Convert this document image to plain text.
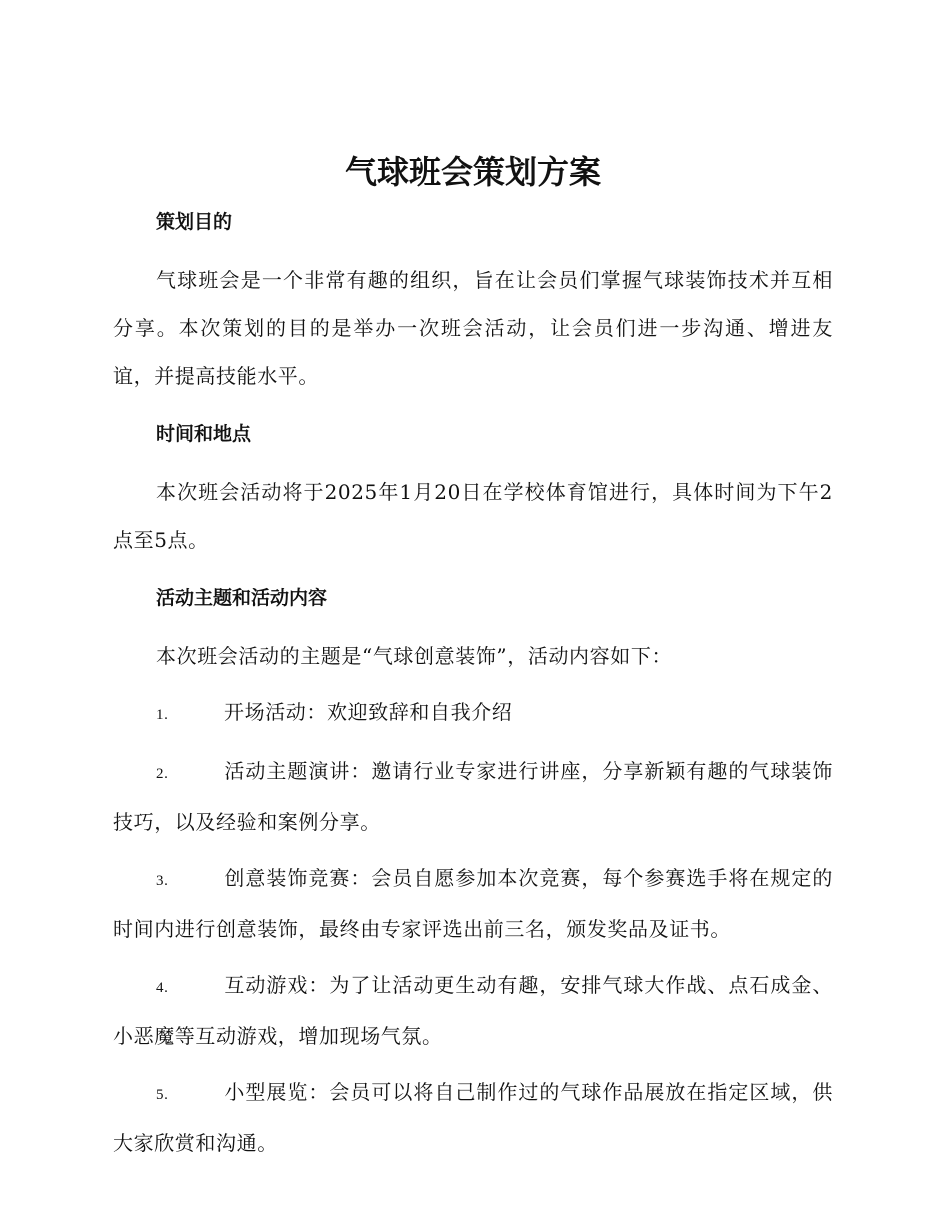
气球班会策划方案
策划目的

气球班会是一个非常有趣的组织，旨在让会员们掌握气球装饰技术并互相分享。本次策划的目的是举办一次班会活动，让会员们进一步沟通、增进友谊，并提高技能水平。

时间和地点

本次班会活动将于2025年1月20日在学校体育馆进行，具体时间为下午2点至5点。

活动主题和活动内容

本次班会活动的主题是“气球创意装饰”，活动内容如下：

1.	开场活动：欢迎致辞和自我介绍

2.	活动主题演讲：邀请行业专家进行讲座，分享新颖有趣的气球装饰技巧，以及经验和案例分享。

3.	创意装饰竞赛：会员自愿参加本次竞赛，每个参赛选手将在规定的时间内进行创意装饰，最终由专家评选出前三名，颁发奖品及证书。

4.	互动游戏：为了让活动更生动有趣，安排气球大作战、点石成金、小恶魔等互动游戏，增加现场气氛。

5.	小型展览：会员可以将自己制作过的气球作品展放在指定区域，供大家欣赏和沟通。
